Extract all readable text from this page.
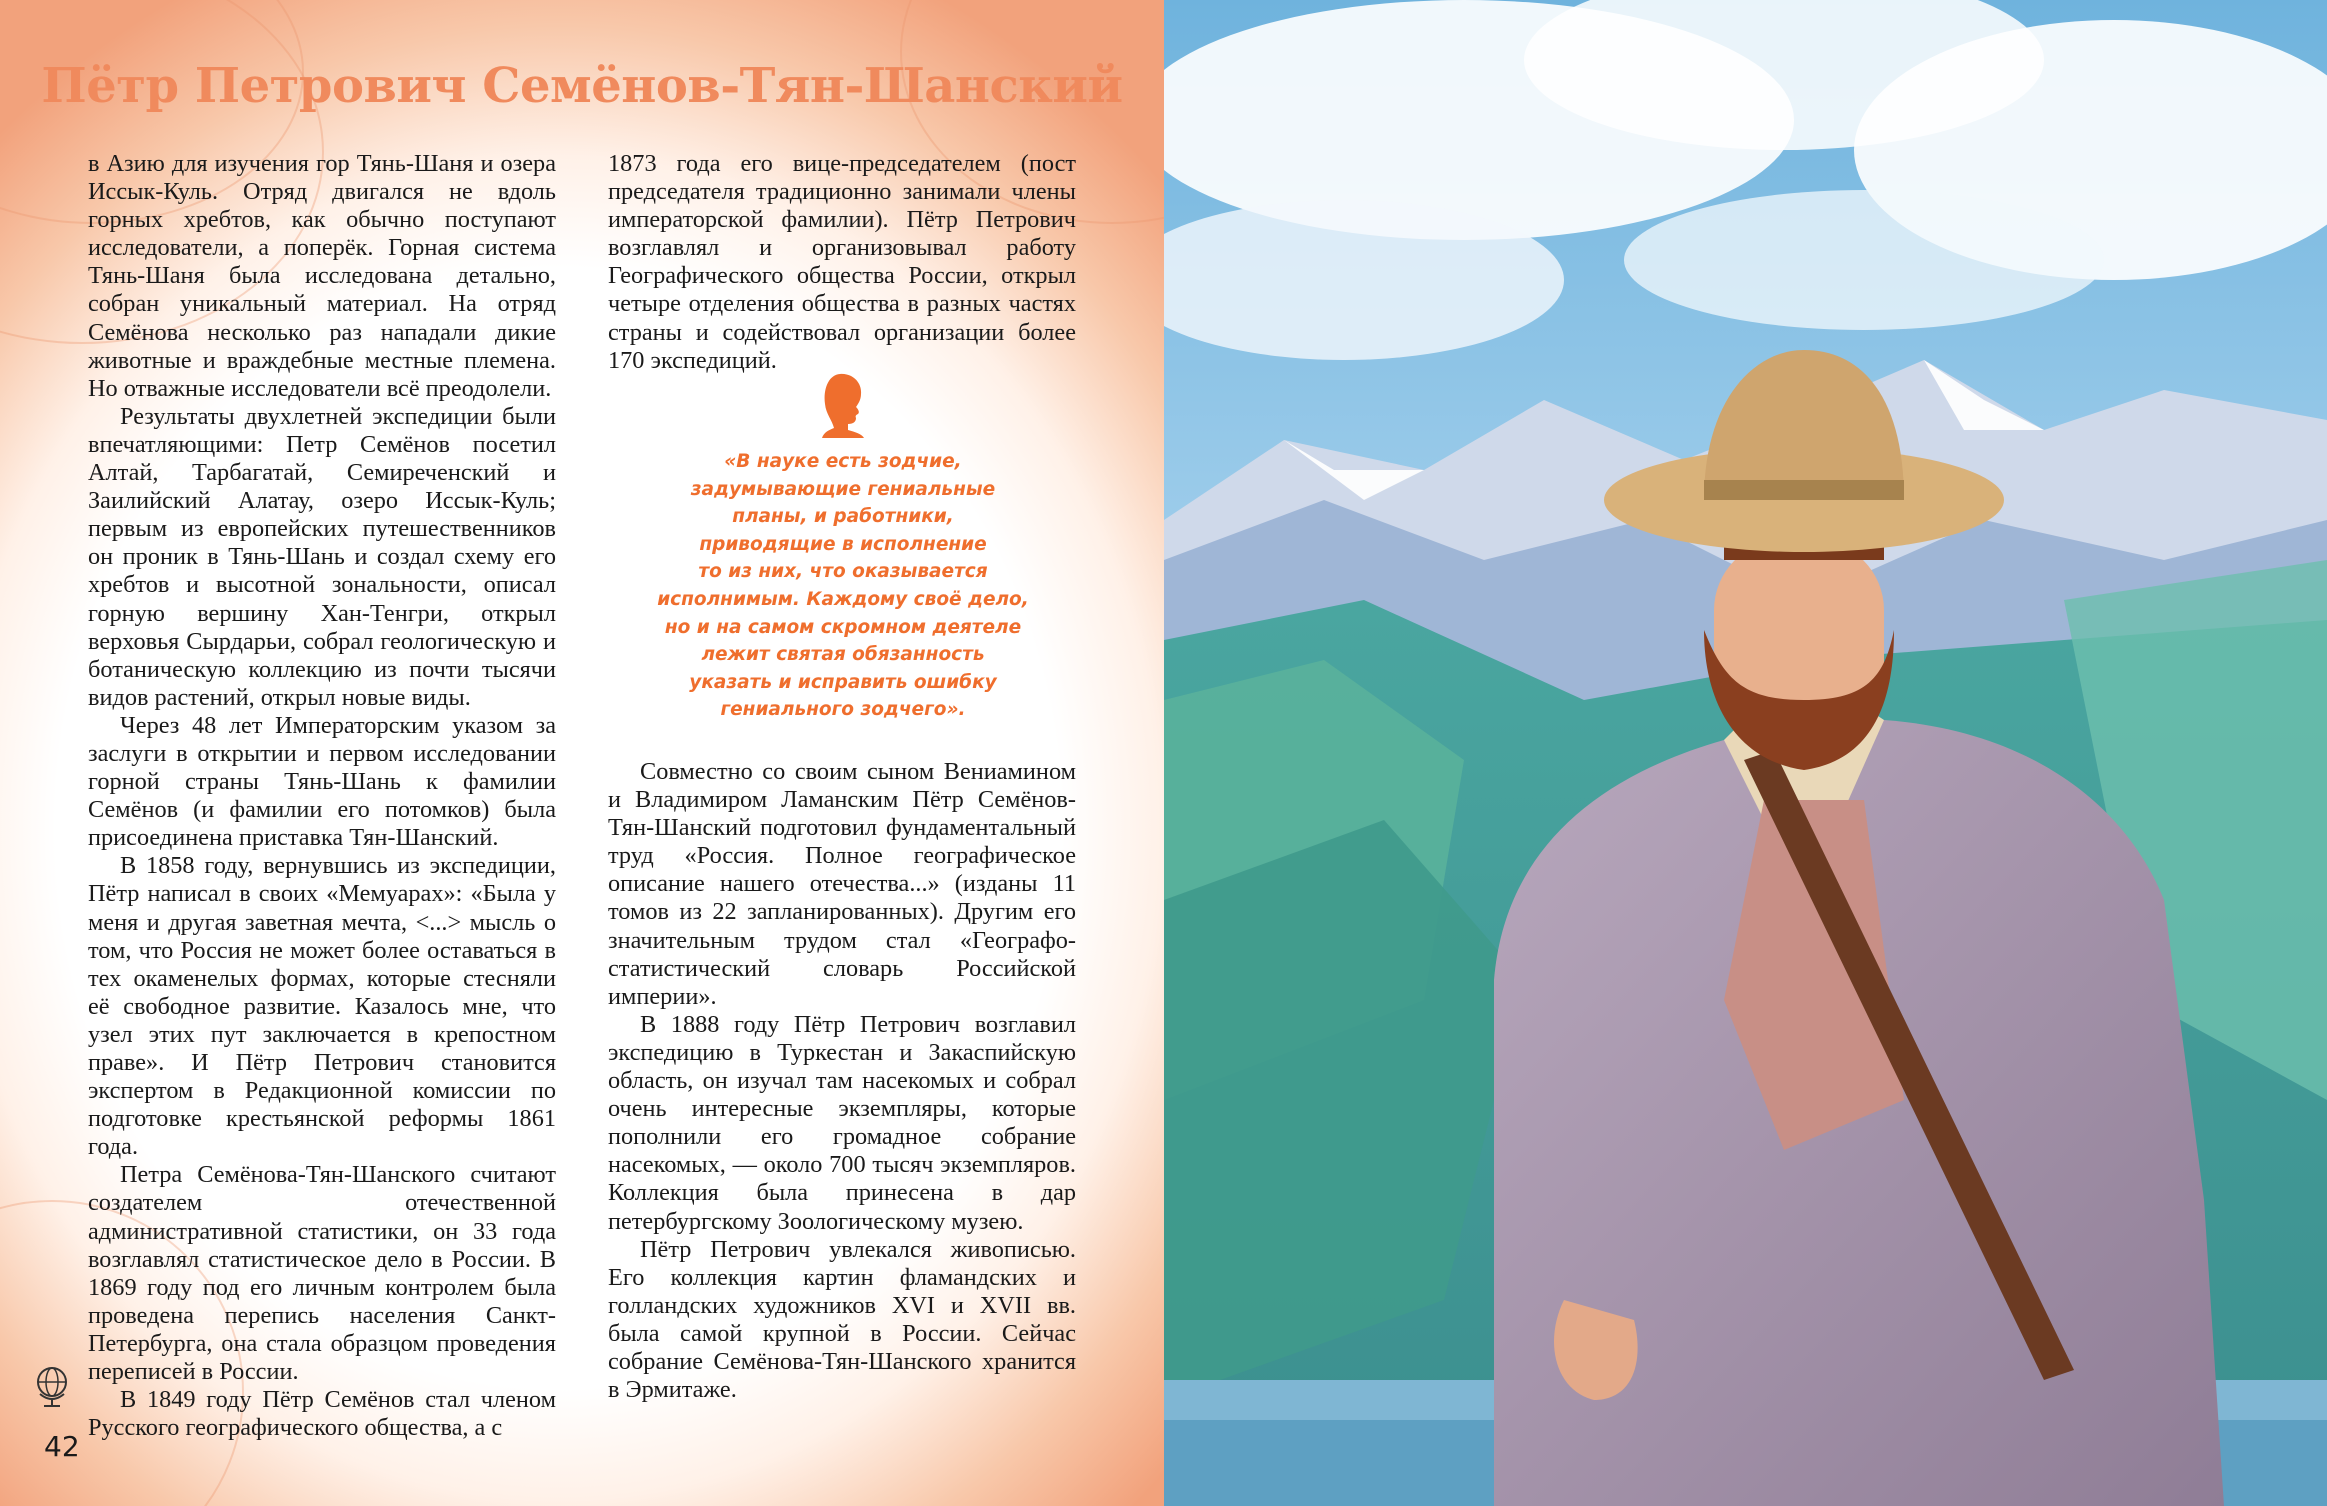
Пётр Петрович Семёнов-Тян-Шанский

в Азию для изучения гор Тянь-Шаня и озера Иссык-Куль. Отряд двигался не вдоль горных хребтов, как обычно поступают исследователи, а поперёк. Горная система Тянь-Шаня была исследована детально, собран уникальный материал. На отряд Семёнова несколько раз нападали дикие животные и враждебные местные племена. Но отважные исследователи всё преодолели.

Результаты двухлетней экспедиции были впечатляющими: Петр Семёнов посетил Алтай, Тарбагатай, Семиреченский и Заилийский Алатау, озеро Иссык-Куль; первым из европейских путешественников он проник в Тянь-Шань и создал схему его хребтов и высотной зональности, описал горную вершину Хан-Тенгри, открыл верховья Сырдарьи, собрал геологическую и ботаническую коллекцию из почти тысячи видов растений, открыл новые виды.

Через 48 лет Императорским указом за заслуги в открытии и первом исследовании горной страны Тянь-Шань к фамилии Семёнов (и фамилии его потомков) была присоединена приставка Тян-Шанский.

В 1858 году, вернувшись из экспедиции, Пётр написал в своих «Мемуарах»: «Была у меня и другая заветная мечта, <...> мысль о том, что Россия не может более оставаться в тех окаменелых формах, которые стесняли её свободное развитие. Казалось мне, что узел этих пут заключается в крепостном праве». И Пётр Петрович становится экспертом в Редакционной комиссии по подготовке крестьянской реформы 1861 года.

Петра Семёнова-Тян-Шанского считают создателем отечественной административной статистики, он 33 года возглавлял статистическое дело в России. В 1869 году под его личным контролем была проведена перепись населения Санкт-Петербурга, она стала образцом проведения переписей в России.

В 1849 году Пётр Семёнов стал членом Русского географического общества, а с

1873 года его вице-председателем (пост председателя традиционно занимали члены императорской фамилии). Пётр Петрович возглавлял и организовывал работу Географического общества России, открыл четыре отделения общества в разных частях страны и содействовал организации более 170 экспедиций.

«В науке есть зодчие,
задумывающие гениальные
планы, и работники,
приводящие в исполнение
то из них, что оказывается
исполнимым. Каждому своё дело,
но и на самом скромном деятеле
лежит святая обязанность
указать и исправить ошибку
гениального зодчего».

Совместно со своим сыном Вениамином и Владимиром Ламанским Пётр Семёнов-Тян-Шанский подготовил фундаментальный труд «Россия. Полное географическое описание нашего отечества...» (изданы 11 томов из 22 запланированных). Другим его значительным трудом стал «Географо-статистический словарь Российской империи».

В 1888 году Пётр Петрович возглавил экспедицию в Туркестан и Закаспийскую область, он изучал там насекомых и собрал очень интересные экземпляры, которые пополнили его громадное собрание насекомых, — около 700 тысяч экземпляров. Коллекция была принесена в дар петербургскому Зоологическому музею.

Пётр Петрович увлекался живописью. Его коллекция картин фламандских и голландских художников XVI и XVII вв. была самой крупной в России. Сейчас собрание Семёнова-Тян-Шанского хранится в Эрмитаже.

42
